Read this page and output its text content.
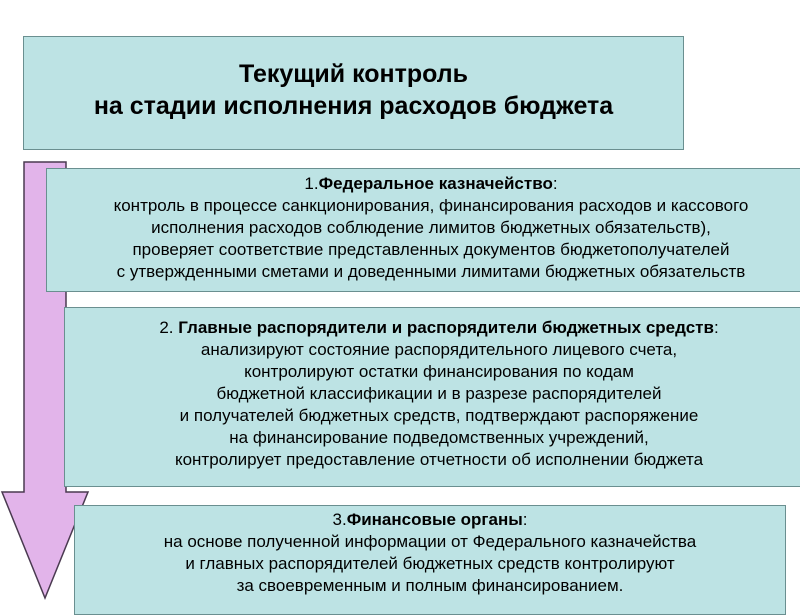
Текущий контроль
на стадии исполнения расходов бюджета
1.Федеральное казначейство:
контроль в процессе санкционирования, финансирования расходов и кассового
исполнения расходов соблюдение лимитов бюджетных обязательств),
проверяет соответствие представленных документов бюджетополучателей
с утвержденными сметами и доведенными лимитами бюджетных обязательств
2. Главные распорядители и распорядители бюджетных средств:
анализируют состояние распорядительного лицевого счета,
контролируют остатки финансирования по кодам
бюджетной классификации и в разрезе распорядителей
и получателей бюджетных средств, подтверждают распоряжение
на финансирование подведомственных учреждений,
контролирует предоставление отчетности об исполнении бюджета
3.Финансовые органы:
на основе полученной информации от Федерального казначейства
и главных распорядителей бюджетных средств контролируют
за своевременным и полным финансированием.
